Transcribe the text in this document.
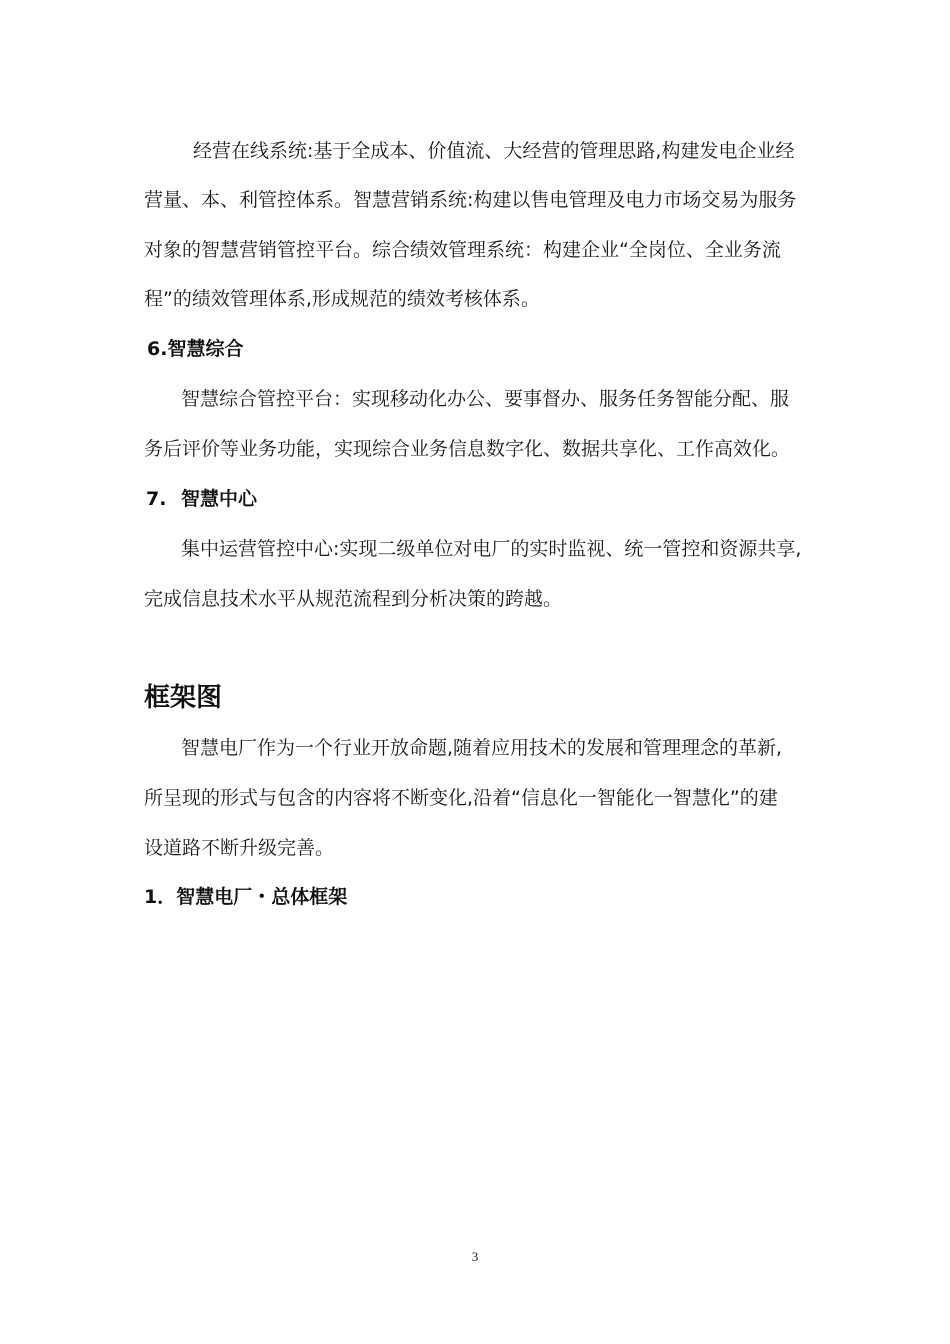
经营在线系统:基于全成本、价值流、大经营的管理思路,构建发电企业经
营量、本、利管控体系。智慧营销系统:构建以售电管理及电力市场交易为服务
对象的智慧营销管控平台。综合绩效管理系统：构建企业“全岗位、全业务流
程”的绩效管理体系,形成规范的绩效考核体系。
6.智慧综合
智慧综合管控平台：实现移动化办公、要事督办、服务任务智能分配、服
务后评价等业务功能，实现综合业务信息数字化、数据共享化、工作高效化。
7. 智慧中心
集中运营管控中心:实现二级单位对电厂的实时监视、统一管控和资源共享,
完成信息技术水平从规范流程到分析决策的跨越。
框架图
智慧电厂作为一个行业开放命题,随着应用技术的发展和管理理念的革新,
所呈现的形式与包含的内容将不断变化,沿着“信息化一智能化一智慧化”的建
设道路不断升级完善。
1．智慧电厂・总体框架
3
